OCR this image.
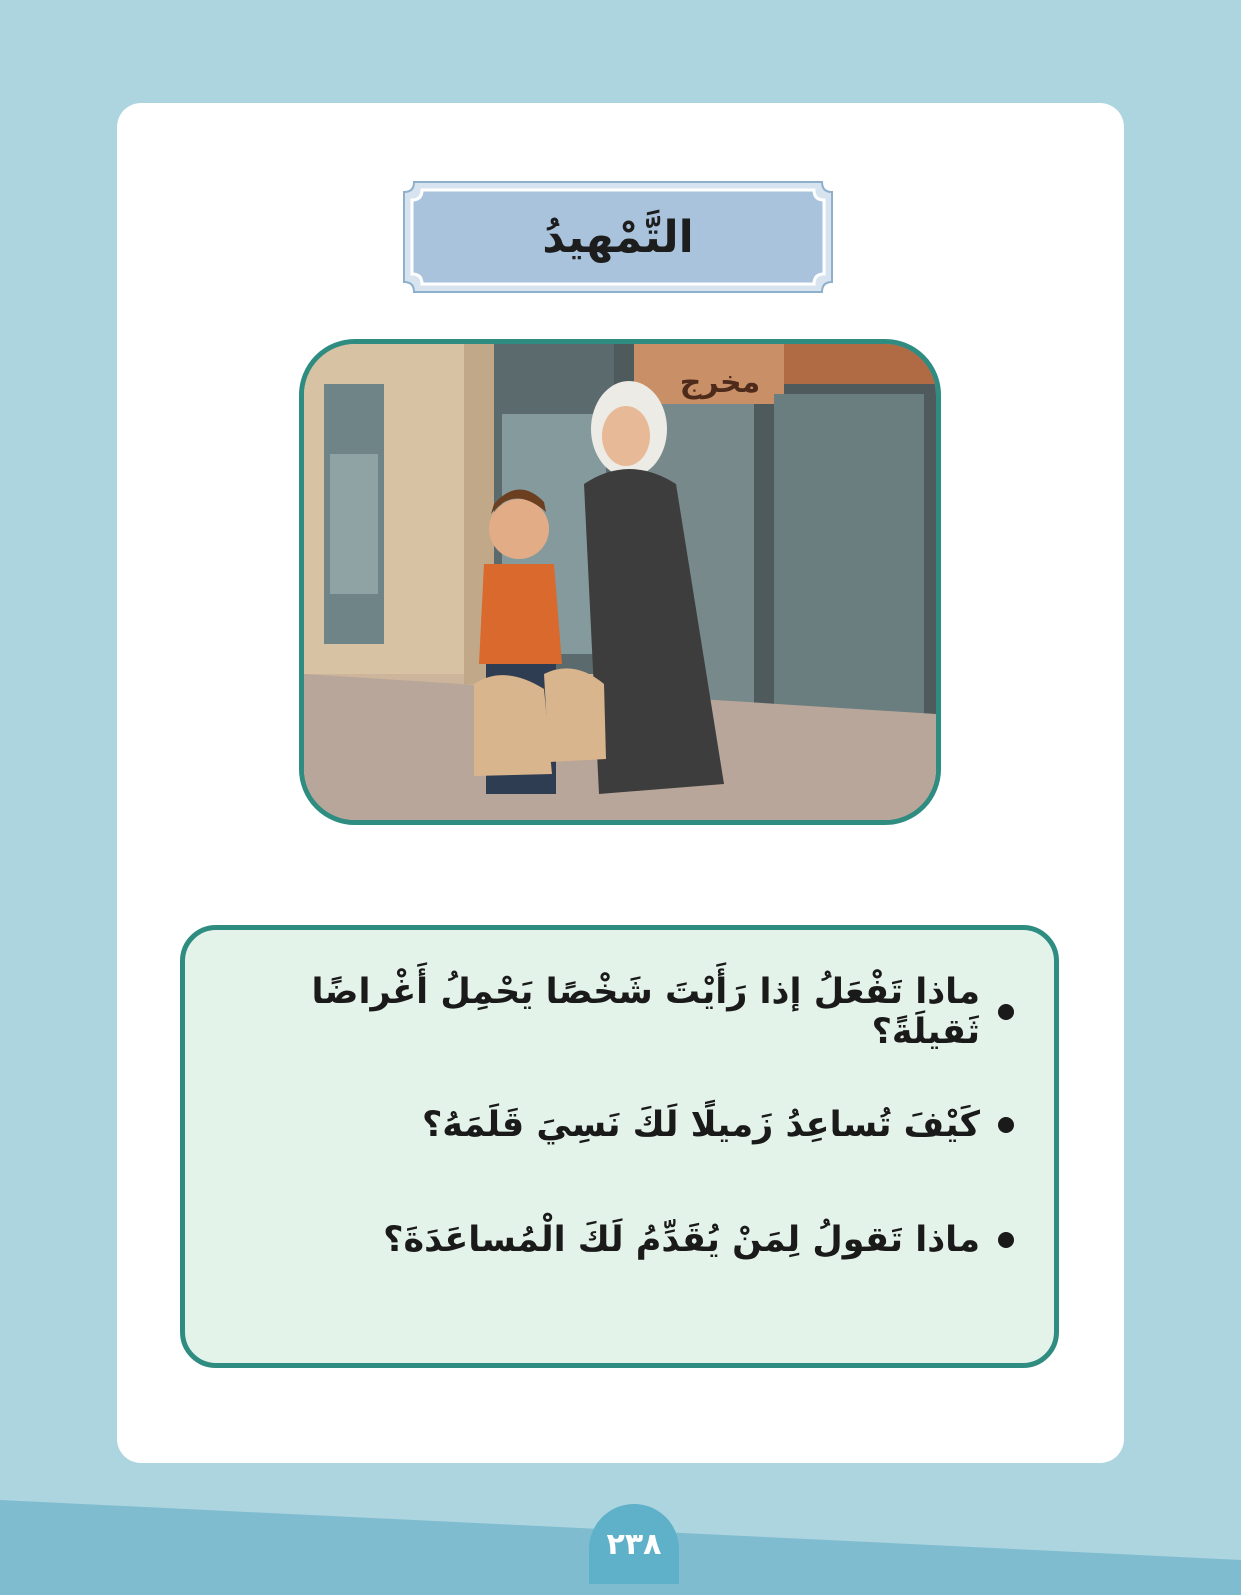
التَّمْهيدُ
مخرج
ماذا تَفْعَلُ إذا رَأَيْتَ شَخْصًا يَحْمِلُ أَغْراضًا ثَقيلَةً؟
كَيْفَ تُساعِدُ زَميلًا لَكَ نَسِيَ قَلَمَهُ؟
ماذا تَقولُ لِمَنْ يُقَدِّمُ لَكَ الْمُساعَدَةَ؟
٢٣٨
